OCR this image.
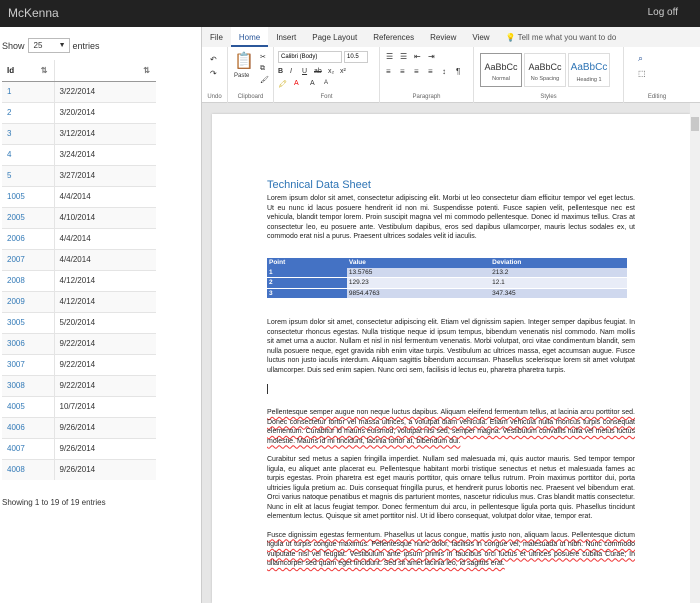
McKenna	Log off
Show	25 ▼ entries
Id ⇅	⇅

1	3/22/2014
2	3/20/2014
3	3/12/2014
4	3/24/2014
5	3/27/2014
1005	4/4/2014
2005	4/10/2014
2006	4/4/2014
2007	4/4/2014
2008	4/12/2014
2009	4/12/2014
3005	5/20/2014
3006	9/22/2014
3007	9/22/2014
3008	9/22/2014
4005	10/7/2014
4006	9/26/2014
4007	9/26/2014
4008	9/26/2014
Showing 1 to 19 of 19 entries
File	Home	Insert	Page Layout	References	Review	View	💡 Tell me what you want to do
↶
↷
Undo
📋
Paste
✂
⧉
🖌
Clipboard
Calibri (Body)	10.5
B I U ab x₂ x²
🖍 A A A
Font
☰ ☰ ⇤ ⇥
≡ ≡ ≡ ≡ ↕ ¶
Paragraph
AaBbCc
Normal
AaBbCc
No Spacing
AaBbCc
Heading 1
Styles
⌕
⬚
Editing
Technical Data Sheet

Lorem ipsum dolor sit amet, consectetur adipiscing elit. Morbi ut leo consectetur diam efficitur tempor vel eget lectus. Ut eu nunc id lacus posuere hendrerit id non mi. Suspendisse potenti. Fusce sapien velit, pellentesque nec est vehicula, blandit tempor lorem. Proin suscipit magna vel mi commodo pellentesque. Donec id maximus tellus. Cras at consectetur leo, eu posuere ante. Vestibulum dapibus, eros sed dapibus ullamcorper, mauris lectus sodales ex, ut commodo erat nisl a purus. Praesent ultrices sodales velit id iaculis.

Point	Value	Deviation
1	13.5765	213.2
2	129.23	12.1
3	9854.4763	347.345

Lorem ipsum dolor sit amet, consectetur adipiscing elit. Etiam vel dignissim sapien. Integer semper dapibus feugiat. In consectetur rhoncus egestas. Nulla tristique neque id ipsum tempus, bibendum venenatis nisl commodo. Nam mollis sit amet urna a auctor. Nullam et nisl in nisl fermentum venenatis. Morbi volutpat, orci vitae condimentum blandit, sem nulla posuere neque, eget gravida nibh enim vitae turpis. Vestibulum ac ultrices massa, eget accumsan augue. Fusce luctus non justo iaculis interdum. Aliquam sagittis bibendum accumsan. Phasellus scelerisque lorem sit amet volutpat ullamcorper. Duis sed enim sapien. Nunc orci sem, facilisis id lectus eu, pharetra pharetra turpis.

Pellentesque semper augue non neque luctus dapibus. Aliquam eleifend fermentum tellus, at lacinia arcu porttitor sed. Donec consectetur tortor vel massa ultrices, a volutpat diam vehicula. Etiam vehicula nulla rhoncus turpis consequat elementum. Curabitur id mauris euismod, volutpat nisi sed, semper magna. Vestibulum convallis nulla vel metus luctus molestie. Mauris id mi tincidunt, lacinia tortor at, bibendum dui.

Curabitur sed metus a sapien fringilla imperdiet. Nullam sed malesuada mi, quis auctor mauris. Sed tempor tempor ligula, eu aliquet ante placerat eu. Pellentesque habitant morbi tristique senectus et netus et malesuada fames ac turpis egestas. Proin pharetra est eget mauris porttitor, quis ornare tellus rutrum. Proin maximus porttitor dui, porta ultricies ligula pretium ac. Duis consequat fringilla purus, et hendrerit purus lobortis nec. Praesent vel bibendum erat. Orci varius natoque penatibus et magnis dis parturient montes, nascetur ridiculus mus. Cras blandit mattis consectetur. Nunc in elit at lacus feugiat tempor. Donec fermentum dui arcu, in pellentesque ligula porta quis. Phasellus tincidunt elementum lectus. Quisque sit amet porttitor nisl. Ut id libero consequat, volutpat dolor vitae, tempor erat.

Fusce dignissim egestas fermentum. Phasellus ut lacus congue, mattis justo non, aliquam lacus. Pellentesque dictum ligula ut turpis congue maximus. Pellentesque nunc dolor, facilisis in congue vel, malesuada ut nibh. Nunc commodo vulputate nisl vel feugiat. Vestibulum ante ipsum primis in faucibus orci luctus et ultrices posuere cubilia Curae; In ullamcorper sed quam eget tincidunt. Sed sit amet lacinia leo, id sagittis erat.
